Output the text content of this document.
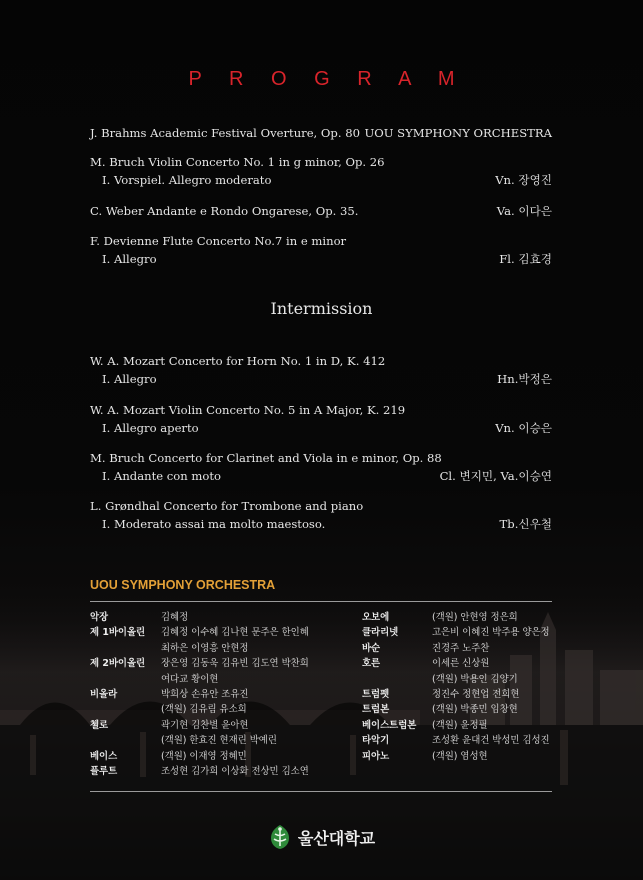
P R O G R A M
J. Brahms Academic Festival Overture, Op. 80 UOU SYMPHONY ORCHESTRA
M. Bruch Violin Concerto No. 1 in g minor, Op. 26
I. Vorspiel. Allegro moderato	Vn. 장영진
C. Weber Andante e Rondo Ongarese, Op. 35.	Va. 이다은
F. Devienne Flute Concerto No.7 in e minor
I. Allegro	Fl. 김효경
Intermission
W. A. Mozart Concerto for Horn No. 1 in D, K. 412
I. Allegro	Hn.박정은
W. A. Mozart Violin Concerto No. 5 in A Major, K. 219
I. Allegro aperto	Vn. 이승은
M. Bruch Concerto for Clarinet and Viola in e minor, Op. 88
I. Andante con moto	Cl. 변지민, Va.이승연
L. Grøndhal Concerto for Trombone and piano
I. Moderato assai ma molto maestoso.	Tb.신우철
UOU SYMPHONY ORCHESTRA
악장	김혜정
제 1바이올린	김혜정 이수혜 김나현 문주은 한인혜
최하은 이영흥 안현정
제 2바이올린	장은영 김동욱 김유빈 김도연 박찬희
여다교 황이현
비올라	박희상 손유안 조유진
(객원) 김유림 유소희
첼로	곽기현 김찬별 윤아현
(객원) 한효진 현재린 박예린
베이스	(객원) 이재영 정혜민
플루트	조성현 김가희 이상화 전상민 김소연
오보에	(객원) 안현영 정은희
클라리넷	고은비 이혜진 박주용 양은정
바순	진경주 노주찬
호른	이세른 신상원
(객원) 박용인 김양기
트럼펫	정진수 정현업 전희현
트럼본	(객원) 박종민 임창현
베이스트럼본	(객원) 윤정필
타악기	조성환 윤대건 박성민 김성진
피아노	(객원) 염성현
울산대학교
